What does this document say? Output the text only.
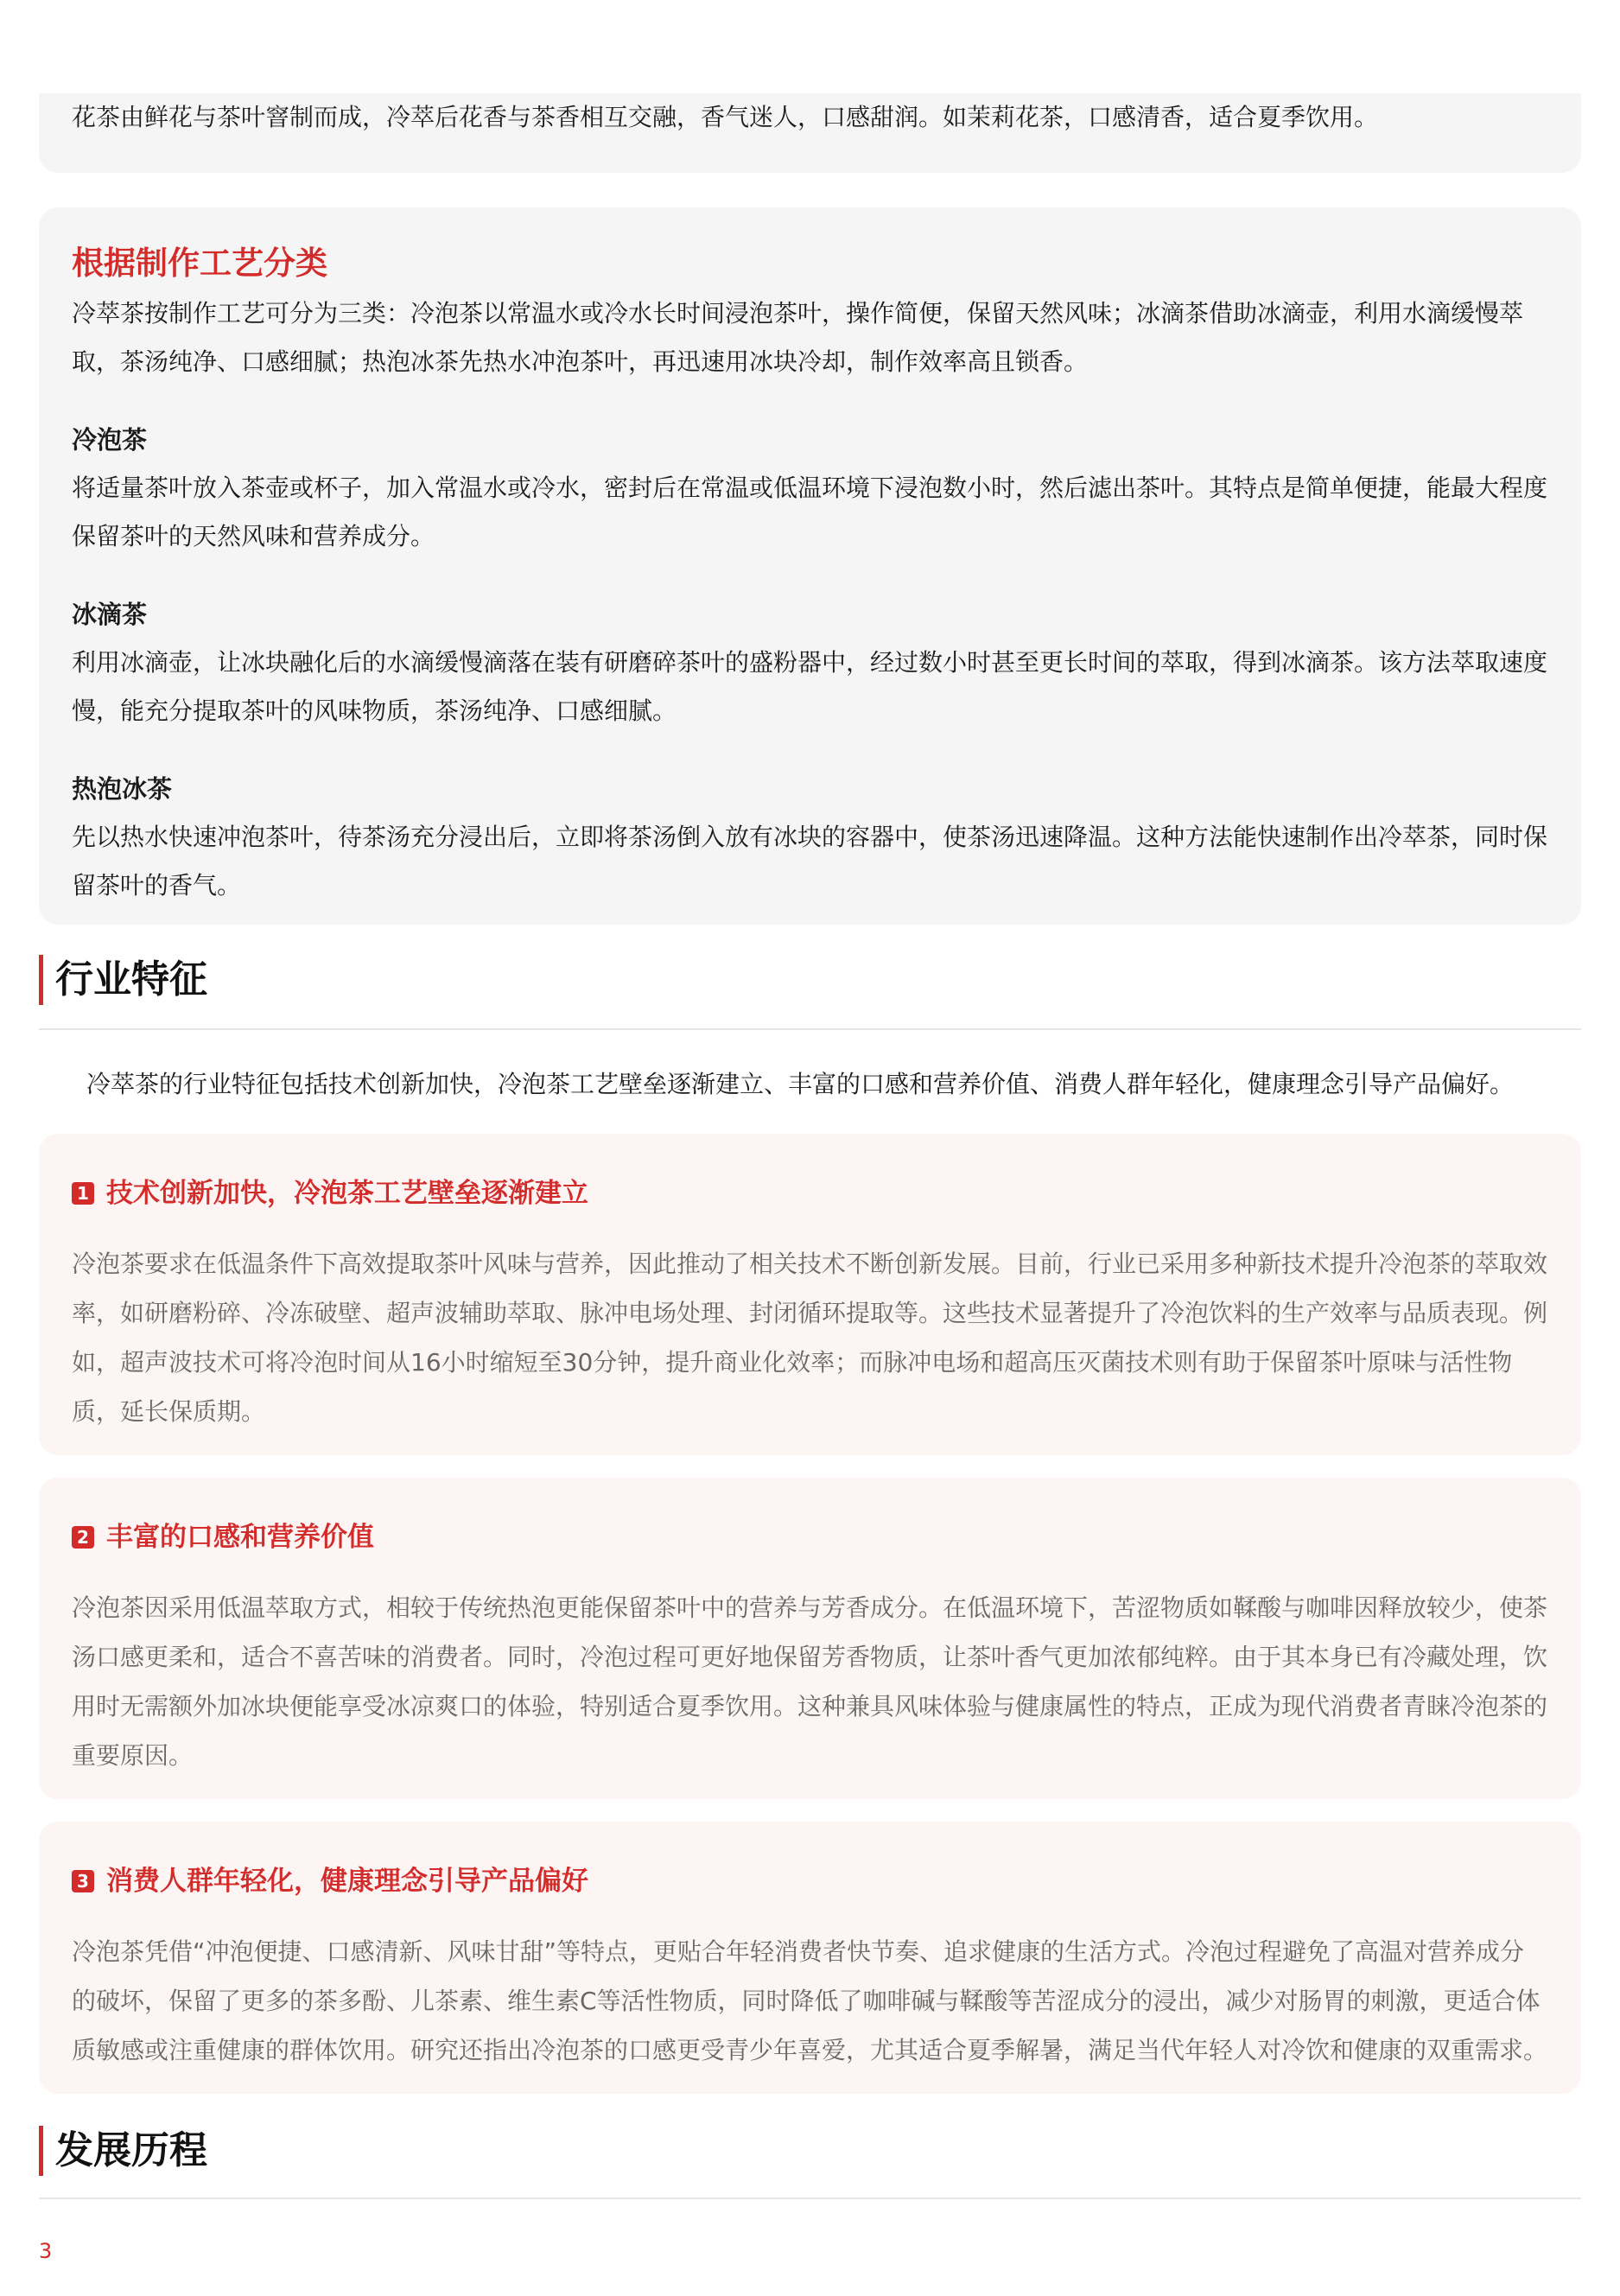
花茶由鲜花与茶叶窨制而成，冷萃后花香与茶香相互交融，香气迷人，口感甜润。如茉莉花茶，口感清香，适合夏季饮用。

根据制作工艺分类

冷萃茶按制作工艺可分为三类：冷泡茶以常温水或冷水长时间浸泡茶叶，操作简便，保留天然风味；冰滴茶借助冰滴壶，利用水滴缓慢萃取，茶汤纯净、口感细腻；热泡冰茶先热水冲泡茶叶，再迅速用冰块冷却，制作效率高且锁香。

冷泡茶

将适量茶叶放入茶壶或杯子，加入常温水或冷水，密封后在常温或低温环境下浸泡数小时，然后滤出茶叶。其特点是简单便捷，能最大程度保留茶叶的天然风味和营养成分。

冰滴茶

利用冰滴壶，让冰块融化后的水滴缓慢滴落在装有研磨碎茶叶的盛粉器中，经过数小时甚至更长时间的萃取，得到冰滴茶。该方法萃取速度慢，能充分提取茶叶的风味物质，茶汤纯净、口感细腻。

热泡冰茶

先以热水快速冲泡茶叶，待茶汤充分浸出后，立即将茶汤倒入放有冰块的容器中，使茶汤迅速降温。这种方法能快速制作出冷萃茶，同时保留茶叶的香气。

行业特征

冷萃茶的行业特征包括技术创新加快，冷泡茶工艺壁垒逐渐建立、丰富的口感和营养价值、消费人群年轻化，健康理念引导产品偏好。

1 技术创新加快，冷泡茶工艺壁垒逐渐建立

冷泡茶要求在低温条件下高效提取茶叶风味与营养，因此推动了相关技术不断创新发展。目前，行业已采用多种新技术提升冷泡茶的萃取效率，如研磨粉碎、冷冻破壁、超声波辅助萃取、脉冲电场处理、封闭循环提取等。这些技术显著提升了冷泡饮料的生产效率与品质表现。例如，超声波技术可将冷泡时间从16小时缩短至30分钟，提升商业化效率；而脉冲电场和超高压灭菌技术则有助于保留茶叶原味与活性物质，延长保质期。

2 丰富的口感和营养价值

冷泡茶因采用低温萃取方式，相较于传统热泡更能保留茶叶中的营养与芳香成分。在低温环境下，苦涩物质如鞣酸与咖啡因释放较少，使茶汤口感更柔和，适合不喜苦味的消费者。同时，冷泡过程可更好地保留芳香物质，让茶叶香气更加浓郁纯粹。由于其本身已有冷藏处理，饮用时无需额外加冰块便能享受冰凉爽口的体验，特别适合夏季饮用。这种兼具风味体验与健康属性的特点，正成为现代消费者青睐冷泡茶的重要原因。

3 消费人群年轻化，健康理念引导产品偏好

冷泡茶凭借“冲泡便捷、口感清新、风味甘甜”等特点，更贴合年轻消费者快节奏、追求健康的生活方式。冷泡过程避免了高温对营养成分的破坏，保留了更多的茶多酚、儿茶素、维生素C等活性物质，同时降低了咖啡碱与鞣酸等苦涩成分的浸出，减少对肠胃的刺激，更适合体质敏感或注重健康的群体饮用。研究还指出冷泡茶的口感更受青少年喜爱，尤其适合夏季解暑，满足当代年轻人对冷饮和健康的双重需求。

发展历程
3
